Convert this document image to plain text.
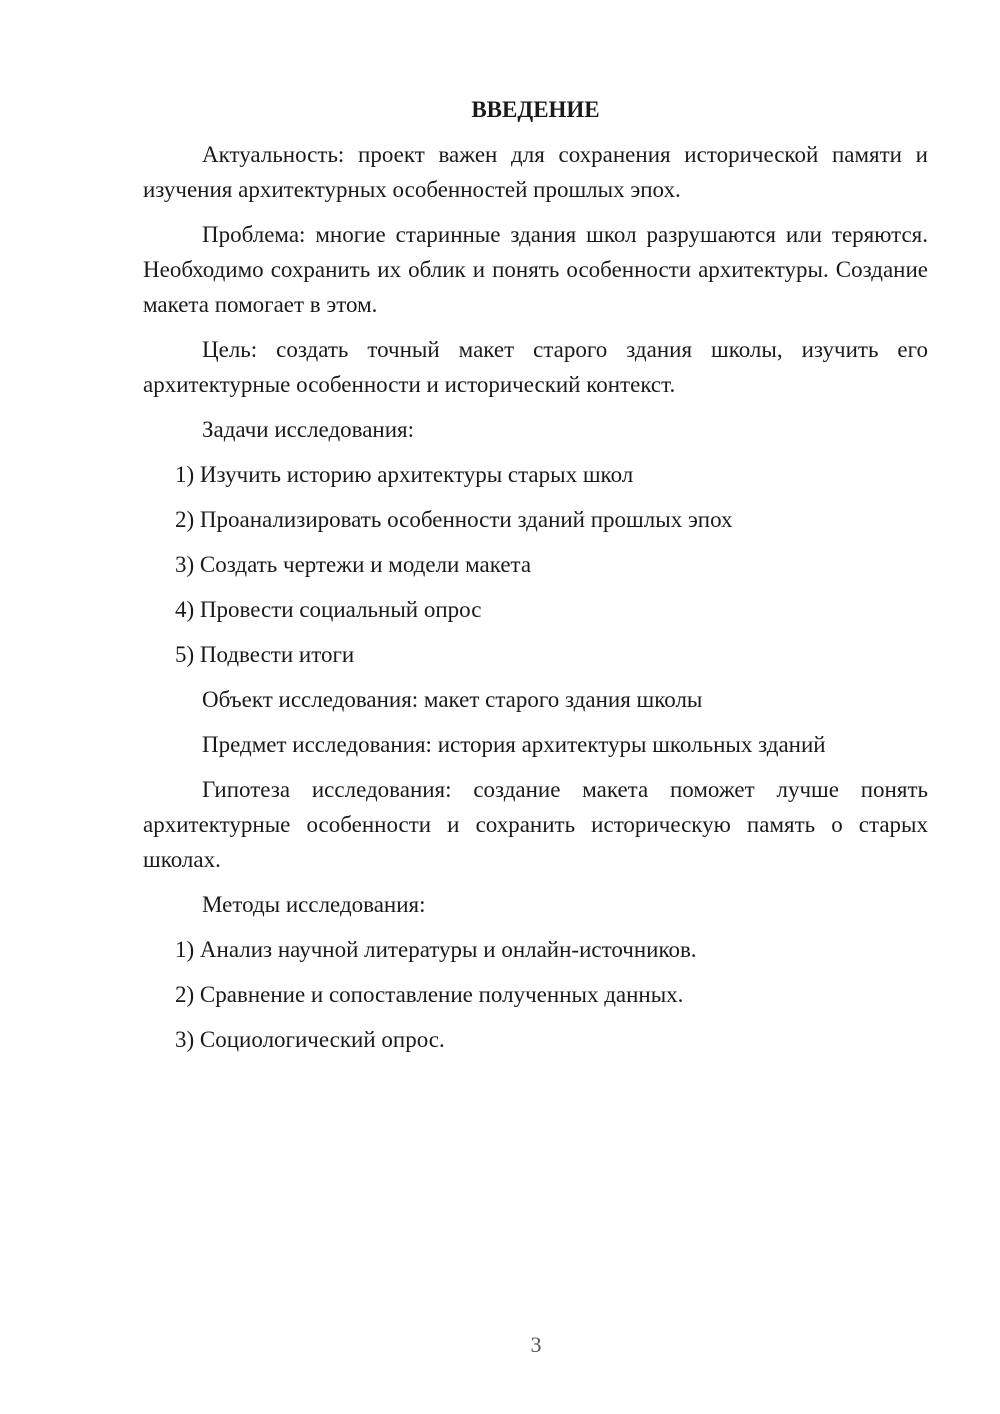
ВВЕДЕНИЕ
Актуальность: проект важен для сохранения исторической памяти и изучения архитектурных особенностей прошлых эпох.
Проблема: многие старинные здания школ разрушаются или теряются. Необходимо сохранить их облик и понять особенности архитектуры. Создание макета помогает в этом.
Цель: создать точный макет старого здания школы, изучить его архитектурные особенности и исторический контекст.
Задачи исследования:
1) Изучить историю архитектуры старых школ
2) Проанализировать особенности зданий прошлых эпох
3) Создать чертежи и модели макета
4) Провести социальный опрос
5) Подвести итоги
Объект исследования: макет старого здания школы
Предмет исследования: история архитектуры школьных зданий
Гипотеза исследования: создание макета поможет лучше понять архитектурные особенности и сохранить историческую память о старых школах.
Методы исследования:
1) Анализ научной литературы и онлайн-источников.
2) Сравнение и сопоставление полученных данных.
3) Социологический опрос.
3
